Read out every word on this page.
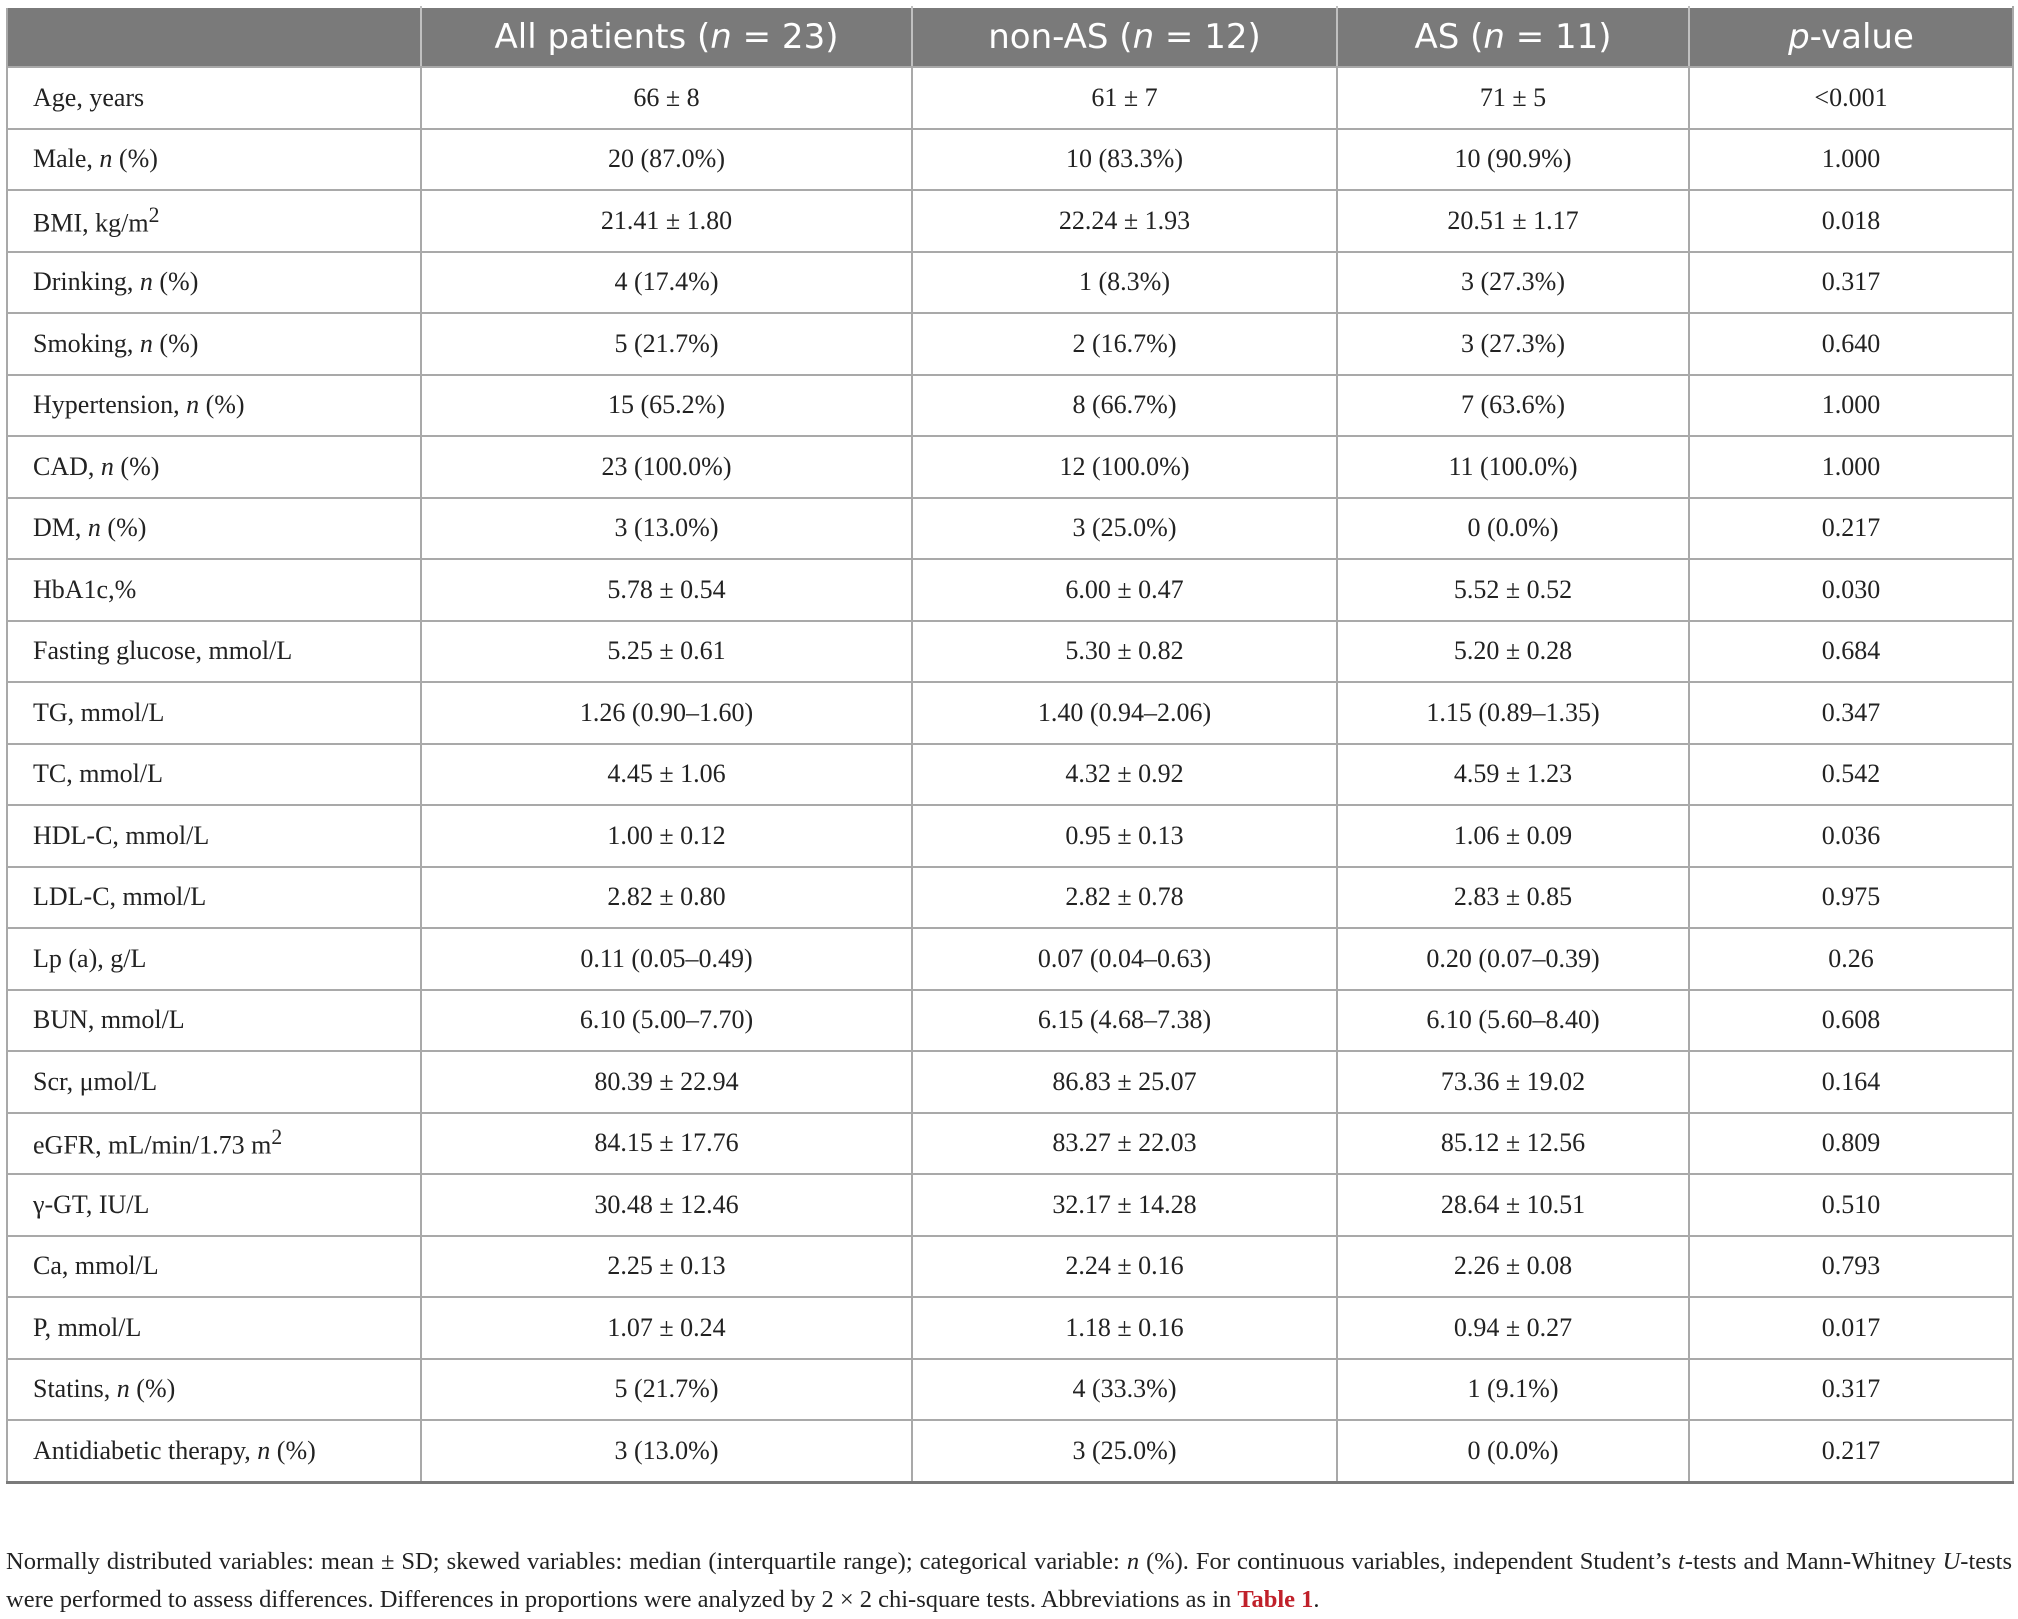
	All patients (n = 23)	non-AS (n = 12)	AS (n = 11)	p-value
Age, years	66 ± 8	61 ± 7	71 ± 5	<0.001
Male, n (%)	20 (87.0%)	10 (83.3%)	10 (90.9%)	1.000
BMI, $kg/m^2$	21.41 ± 1.80	22.24 ± 1.93	20.51 ± 1.17	0.018
Drinking, n (%)	4 (17.4%)	1 (8.3%)	3 (27.3%)	0.317
Smoking, n (%)	5 (21.7%)	2 (16.7%)	3 (27.3%)	0.640
Hypertension, n (%)	15 (65.2%)	8 (66.7%)	7 (63.6%)	1.000
CAD, n (%)	23 (100.0%)	12 (100.0%)	11 (100.0%)	1.000
DM, n (%)	3 (13.0%)	3 (25.0%)	0 (0.0%)	0.217
HbA1c,%	5.78 ± 0.54	6.00 ± 0.47	5.52 ± 0.52	0.030
Fasting glucose, mmol/L	5.25 ± 0.61	5.30 ± 0.82	5.20 ± 0.28	0.684
TG, mmol/L	1.26 (0.90–1.60)	1.40 (0.94–2.06)	1.15 (0.89–1.35)	0.347
TC, mmol/L	4.45 ± 1.06	4.32 ± 0.92	4.59 ± 1.23	0.542
HDL-C, mmol/L	1.00 ± 0.12	0.95 ± 0.13	1.06 ± 0.09	0.036
LDL-C, mmol/L	2.82 ± 0.80	2.82 ± 0.78	2.83 ± 0.85	0.975
Lp (a), g/L	0.11 (0.05–0.49)	0.07 (0.04–0.63)	0.20 (0.07–0.39)	0.26
BUN, mmol/L	6.10 (5.00–7.70)	6.15 (4.68–7.38)	6.10 (5.60–8.40)	0.608
Scr, μmol/L	80.39 ± 22.94	86.83 ± 25.07	73.36 ± 19.02	0.164
eGFR, mL/min/1.73 $m^2$	84.15 ± 17.76	83.27 ± 22.03	85.12 ± 12.56	0.809
γ-GT, IU/L	30.48 ± 12.46	32.17 ± 14.28	28.64 ± 10.51	0.510
Ca, mmol/L	2.25 ± 0.13	2.24 ± 0.16	2.26 ± 0.08	0.793
P, mmol/L	1.07 ± 0.24	1.18 ± 0.16	0.94 ± 0.27	0.017
Statins, n (%)	5 (21.7%)	4 (33.3%)	1 (9.1%)	0.317
Antidiabetic therapy, n (%)	3 (13.0%)	3 (25.0%)	0 (0.0%)	0.217

Normally distributed variables: mean ± SD; skewed variables: median (interquartile range); categorical variable: n (%). For continuous variables, independent Student’s t-tests and Mann-Whitney U-tests were performed to assess differences. Differences in proportions were analyzed by 2 × 2 chi-square tests. Abbreviations as in Table 1.
